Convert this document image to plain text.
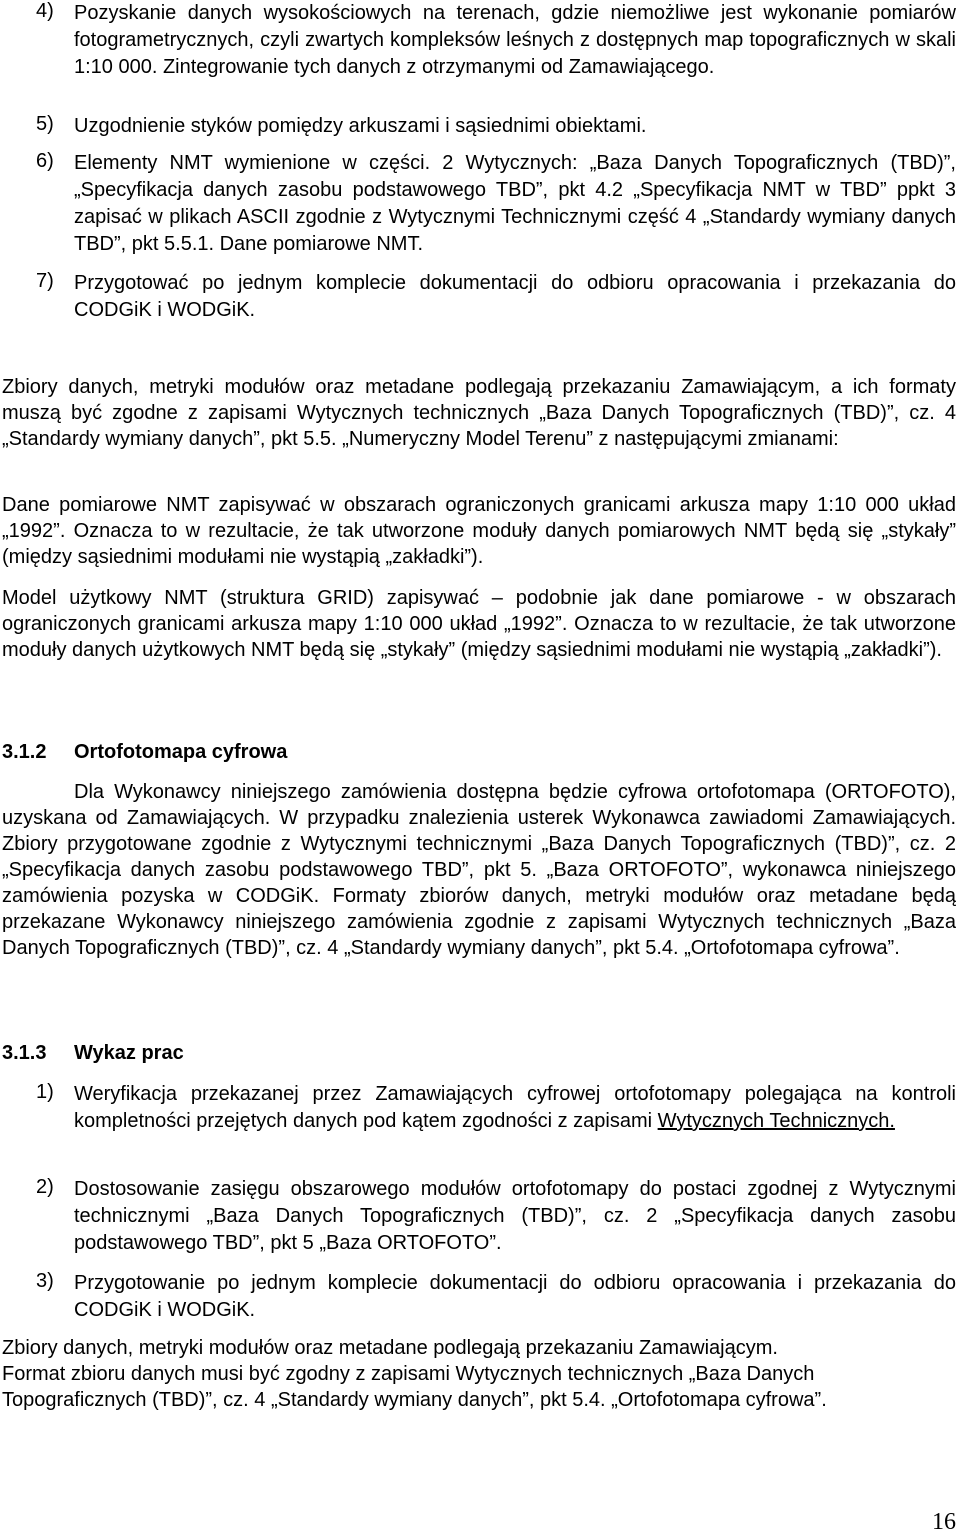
4)	Pozyskanie danych wysokościowych na terenach, gdzie niemożliwe jest wykonanie pomiarów fotogrametrycznych, czyli zwartych kompleksów leśnych z dostępnych map topograficznych w skali 1:10 000. Zintegrowanie tych danych z otrzymanymi od Zamawiającego.
5)	Uzgodnienie styków pomiędzy arkuszami i sąsiednimi obiektami.
6)	Elementy NMT wymienione w części. 2 Wytycznych: „Baza Danych Topograficznych (TBD)”, „Specyfikacja danych zasobu podstawowego TBD”, pkt 4.2 „Specyfikacja NMT w TBD” ppkt 3 zapisać w plikach ASCII zgodnie z Wytycznymi Technicznymi część 4 „Standardy wymiany danych TBD”, pkt 5.5.1. Dane pomiarowe NMT.
7)	Przygotować po jednym komplecie dokumentacji do odbioru opracowania i przekazania do CODGiK i WODGiK.
Zbiory danych, metryki modułów oraz metadane podlegają przekazaniu Zamawiającym, a ich formaty muszą być zgodne z zapisami Wytycznych technicznych „Baza Danych Topograficznych (TBD)”, cz. 4 „Standardy wymiany danych”, pkt 5.5. „Numeryczny Model Terenu” z następującymi zmianami:
Dane pomiarowe NMT zapisywać w obszarach ograniczonych granicami arkusza mapy 1:10 000 układ „1992”. Oznacza to w rezultacie, że tak utworzone moduły danych pomiarowych NMT będą się „stykały” (między sąsiednimi modułami nie wystąpią „zakładki”).
Model użytkowy NMT (struktura GRID) zapisywać – podobnie jak dane pomiarowe - w obszarach ograniczonych granicami arkusza mapy 1:10 000 układ „1992”. Oznacza to w rezultacie, że tak utworzone moduły danych użytkowych NMT będą się „stykały” (między sąsiednimi modułami nie wystąpią „zakładki”).
3.1.2 Ortofotomapa cyfrowa
Dla Wykonawcy niniejszego zamówienia dostępna będzie cyfrowa ortofotomapa (ORTOFOTO), uzyskana od Zamawiających. W przypadku znalezienia usterek Wykonawca zawiadomi Zamawiających. Zbiory przygotowane zgodnie z Wytycznymi technicznymi „Baza Danych Topograficznych (TBD)”, cz. 2 „Specyfikacja danych zasobu podstawowego TBD”, pkt 5. „Baza ORTOFOTO”, wykonawca niniejszego zamówienia pozyska w CODGiK. Formaty zbiorów danych, metryki modułów oraz metadane będą przekazane Wykonawcy niniejszego zamówienia zgodnie z zapisami Wytycznych technicznych „Baza Danych Topograficznych (TBD)”, cz. 4 „Standardy wymiany danych”, pkt 5.4. „Ortofotomapa cyfrowa”.
3.1.3 Wykaz prac
1)	Weryfikacja przekazanej przez Zamawiających cyfrowej ortofotomapy polegająca na kontroli kompletności przejętych danych pod kątem zgodności z zapisami Wytycznych Technicznych.
2)	Dostosowanie zasięgu obszarowego modułów ortofotomapy do postaci zgodnej z Wytycznymi technicznymi „Baza Danych Topograficznych (TBD)”, cz. 2 „Specyfikacja danych zasobu podstawowego TBD”, pkt 5 „Baza ORTOFOTO”.
3)	Przygotowanie po jednym komplecie dokumentacji do odbioru opracowania i przekazania do CODGiK i WODGiK.
Zbiory danych, metryki modułów oraz metadane podlegają przekazaniu Zamawiającym.
Format zbioru danych musi być zgodny z zapisami Wytycznych technicznych „Baza Danych Topograficznych (TBD)”, cz. 4 „Standardy wymiany danych”, pkt 5.4. „Ortofotomapa cyfrowa”.
16
